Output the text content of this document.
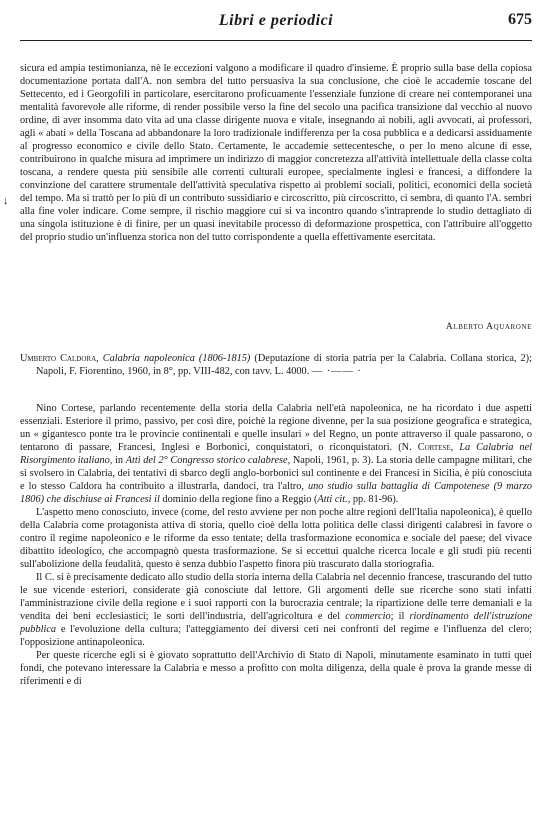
Libri e periodici	675
↓

sicura ed ampia testimonianza, nè le eccezioni valgono a modificare il quadro d'insieme. È proprio sulla base della copiosa documentazione portata dall'A. non sembra del tutto persuasiva la sua conclusione, che cioè le accademie toscane del Settecento, ed i Georgofili in particolare, esercitarono proficuamente l'essenziale funzione di creare nei contemporanei una mentalità favorevole alle riforme, di render possibile verso la fine del secolo una pacifica transizione dal vecchio al nuovo ordine, di aver insomma dato vita ad una classe dirigente nuova e vitale, insegnando ai nobili, agli avvocati, ai professori, agli « abati » della Toscana ad abbandonare la loro tradizionale indifferenza per la cosa pubblica e a dedicarsi assiduamente al progresso economico e civile dello Stato. Certamente, le accademie settecentesche, o per lo meno alcune di esse, contribuirono in qualche misura ad imprimere un indirizzo di maggior concretezza all'attività intellettuale della classe colta toscana, a rendere questa più sensibile alle correnti culturali europee, specialmente inglesi e francesi, a diffondere la convinzione del carattere strumentale dell'attività speculativa rispetto ai problemi sociali, politici, economici della società del tempo. Ma si trattò per lo più di un contributo sussidiario e circoscritto, più circoscritto, ci sembra, di quanto l'A. sembri alla fine voler indicare. Come sempre, il rischio maggiore cui si va incontro quando s'intraprende lo studio dettagliato di una singola istituzione è di finire, per un quasi inevitabile processo di deformazione prospettica, con l'attribuire all'oggetto del proprio studio un'influenza storica non del tutto corrispondente a quella effettivamente esercitata.

Alberto Aquarone

Umberto Caldora, Calabria napoleonica (1806-1815) (Deputazione di storia patria per la Calabria. Collana storica, 2); Napoli, F. Fiorentino, 1960, in 8°, pp. VIII-482, con tavv. L. 4000. — ·—— ·

Nino Cortese, parlando recentemente della storia della Calabria nell'età napoleonica, ne ha ricordato i due aspetti essenziali. Esteriore il primo, passivo, per così dire, poichè la regione divenne, per la sua posizione geografica e strategica, un « gigantesco ponte tra le provincie continentali e quelle insulari » del Regno, un ponte attraverso il quale passarono, o tentarono di passare, Francesi, Inglesi e Borbonici, conquistatori, o riconquistatori. (N. Cortese, La Calabria nel Risorgimento italiano, in Atti del 2° Congresso storico calabrese, Napoli, 1961, p. 3). La storia delle campagne militari, che si svolsero in Calabria, dei tentativi di sbarco degli anglo-borbonici sul continente e dei Francesi in Sicilia, è più conosciuta e lo stesso Caldora ha contribuito a illustrarla, dandoci, tra l'altro, uno studio sulla battaglia di Campotenese (9 marzo 1806) che dischiuse ai Francesi il dominio della regione fino a Reggio (Atti cit., pp. 81-96).

L'aspetto meno conosciuto, invece (come, del resto avviene per non poche altre regioni dell'Italia napoleonica), è quello della Calabria come protagonista attiva di storia, quello cioè della lotta politica delle classi dirigenti calabresi in favore o contro il regime napoleonico e le riforme da esso tentate; della trasformazione economica e sociale del paese; del vivace dibattito ideologico, che accompagnò questa trasformazione. Se si eccettui qualche ricerca locale e gli studi più recenti sull'abolizione della feudalità, questo è senza dubbio l'aspetto finora più trascurato dalla storiografia.

Il C. si è precisamente dedicato allo studio della storia interna della Calabria nel decennio francese, trascurando del tutto le sue vicende esteriori, considerate già conosciute dal lettore. Gli argomenti delle sue ricerche sono stati infatti l'amministrazione civile della regione e i suoi rapporti con la burocrazia centrale; la ripartizione delle terre demaniali e la vendita dei beni ecclesiastici; le sorti dell'industria, dell'agricoltura e del commercio; il riordinamento dell'istruzione pubblica e l'evoluzione della cultura; l'atteggiamento dei diversi ceti nei confronti del regime e l'influenza del clero; l'opposizione antinapoleonica.

Per queste ricerche egli si è giovato soprattutto dell'Archivio di Stato di Napoli, minutamente esaminato in tutti quei fondi, che potevano interessare la Calabria e messo a profitto con molta diligenza, della quale è prova la grande messe di riferimenti e di
